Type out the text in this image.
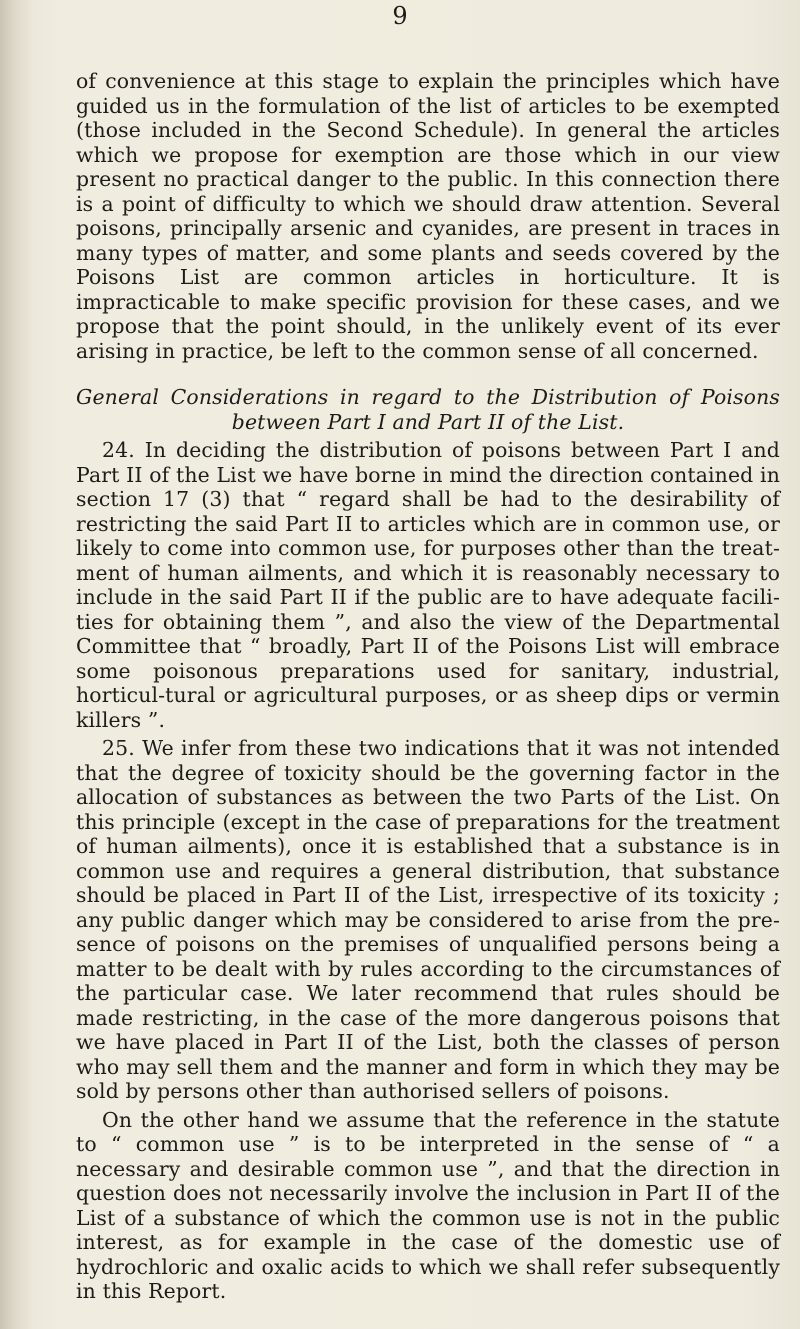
9

of convenience at this stage to explain the principles which have guided us in the formulation of the list of articles to be exempted (those included in the Second Schedule). In general the articles which we propose for exemption are those which in our view present no practical danger to the public. In this connection there is a point of difficulty to which we should draw attention. Several poisons, principally arsenic and cyanides, are present in traces in many types of matter, and some plants and seeds covered by the Poisons List are common articles in horticulture. It is impracticable to make specific provision for these cases, and we propose that the point should, in the unlikely event of its ever arising in practice, be left to the common sense of all concerned.

General Considerations in regard to the Distribution of Poisons between Part I and Part II of the List.

24. In deciding the distribution of poisons between Part I and Part II of the List we have borne in mind the direction contained in section 17 (3) that “ regard shall be had to the desirability of restricting the said Part II to articles which are in common use, or likely to come into common use, for purposes other than the treat-ment of human ailments, and which it is reasonably necessary to include in the said Part II if the public are to have adequate facili-ties for obtaining them ”, and also the view of the Departmental Committee that “ broadly, Part II of the Poisons List will embrace some poisonous preparations used for sanitary, industrial, horticul-tural or agricultural purposes, or as sheep dips or vermin killers ”.

25. We infer from these two indications that it was not intended that the degree of toxicity should be the governing factor in the allocation of substances as between the two Parts of the List. On this principle (except in the case of preparations for the treatment of human ailments), once it is established that a substance is in common use and requires a general distribution, that substance should be placed in Part II of the List, irrespective of its toxicity ; any public danger which may be considered to arise from the pre-sence of poisons on the premises of unqualified persons being a matter to be dealt with by rules according to the circumstances of the particular case. We later recommend that rules should be made restricting, in the case of the more dangerous poisons that we have placed in Part II of the List, both the classes of person who may sell them and the manner and form in which they may be sold by persons other than authorised sellers of poisons.

On the other hand we assume that the reference in the statute to “ common use ” is to be interpreted in the sense of “ a necessary and desirable common use ”, and that the direction in question does not necessarily involve the inclusion in Part II of the List of a substance of which the common use is not in the public interest, as for example in the case of the domestic use of hydrochloric and oxalic acids to which we shall refer subsequently in this Report.
